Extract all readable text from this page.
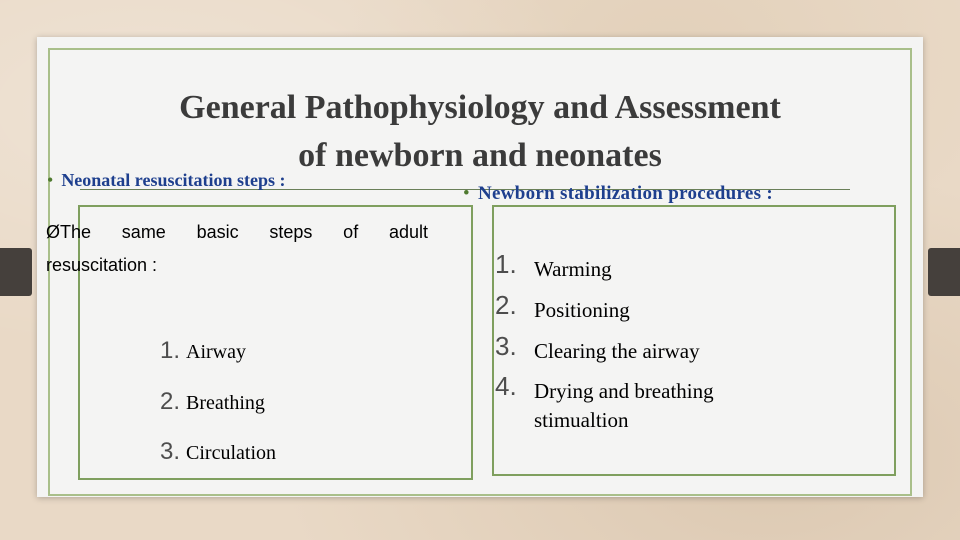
General Pathophysiology and Assessment
of newborn and neonates
• Neonatal resuscitation steps :
ØThe same basic steps of adult
resuscitation :
1. Airway
2. Breathing
3. Circulation
• Newborn stabilization procedures :
1. Warming
2. Positioning
3. Clearing the airway
4. Drying and breathing stimualtion
